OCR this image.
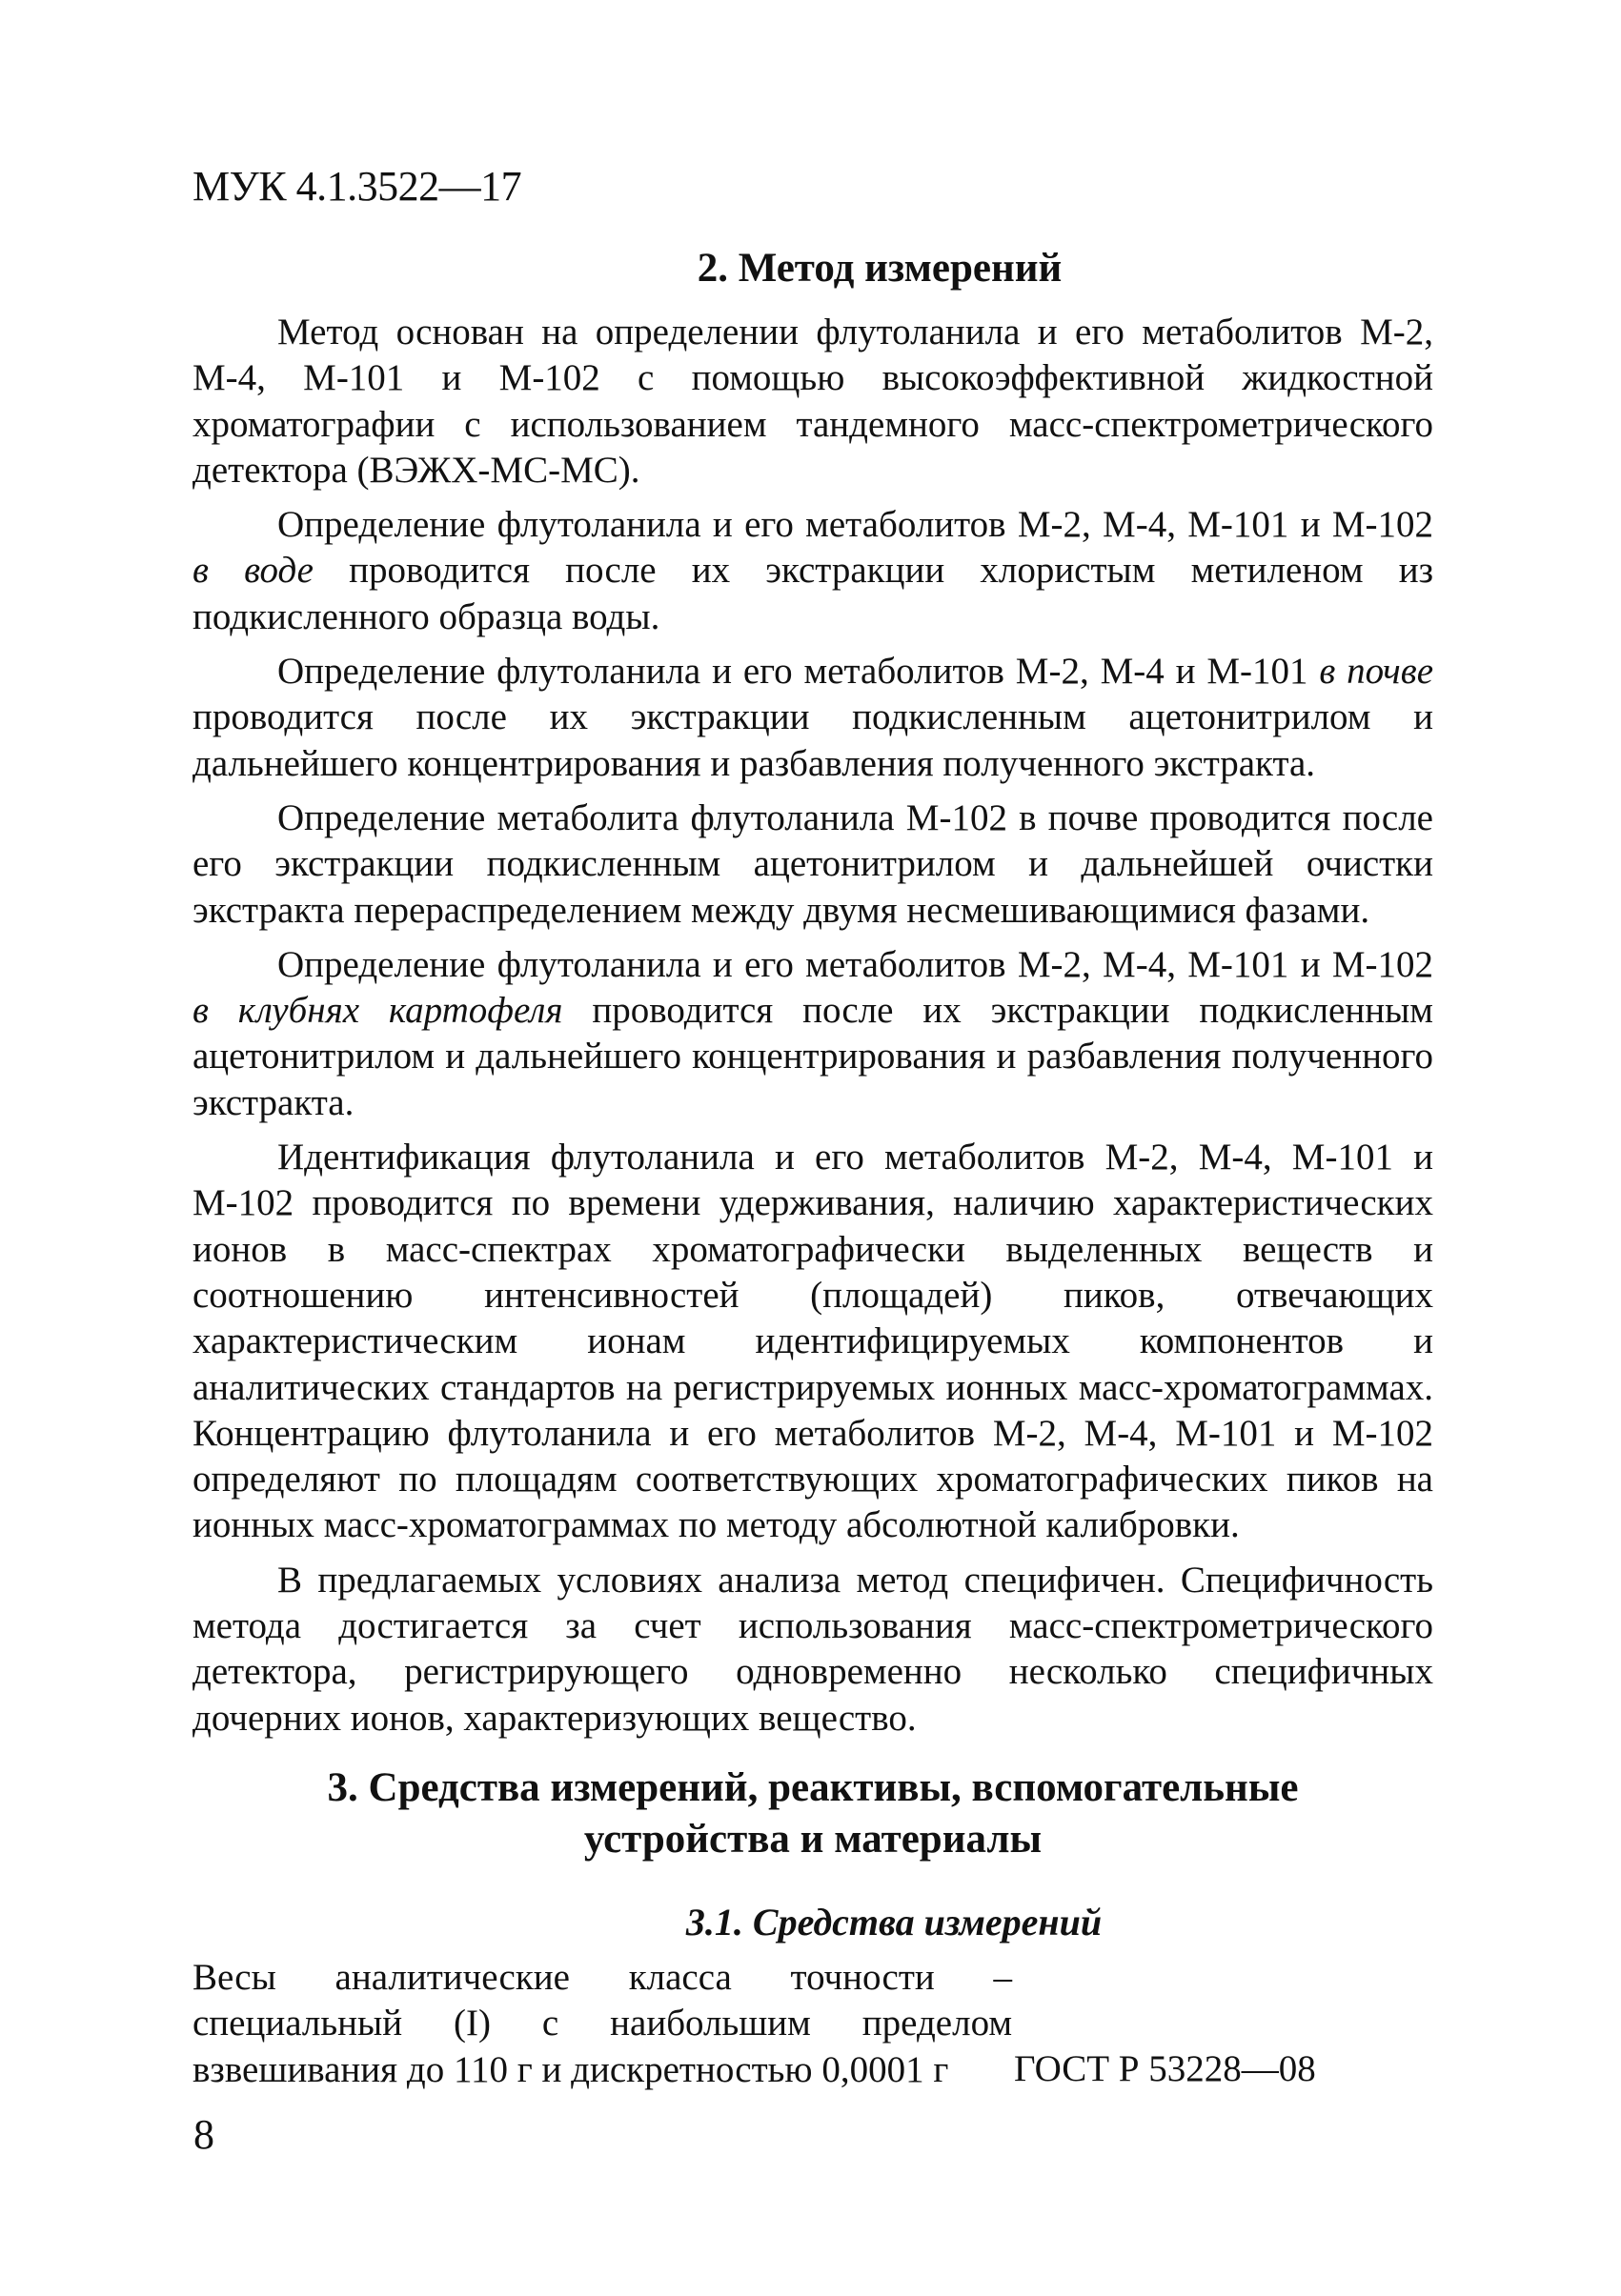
МУК 4.1.3522—17
2. Метод измерений

Метод основан на определении флутоланила и его метаболитов М-2, М-4, М-101 и М-102 с помощью высокоэффективной жидкостной хроматографии с использованием тандемного масс-спектрометрического детектора (ВЭЖХ-МС-МС).

Определение флутоланила и его метаболитов М-2, М-4, М-101 и М-102 в воде проводится после их экстракции хлористым метиленом из подкисленного образца воды.

Определение флутоланила и его метаболитов М-2, М-4 и М-101 в почве проводится после их экстракции подкисленным ацетонитрилом и дальнейшего концентрирования и разбавления полученного экстракта.

Определение метаболита флутоланила М-102 в почве проводится после его экстракции подкисленным ацетонитрилом и дальнейшей очистки экстракта перераспределением между двумя несмешивающимися фазами.

Определение флутоланила и его метаболитов М-2, М-4, М-101 и М-102 в клубнях картофеля проводится после их экстракции подкисленным ацетонитрилом и дальнейшего концентрирования и разбавления полученного экстракта.

Идентификация флутоланила и его метаболитов М-2, М-4, М-101 и М-102 проводится по времени удерживания, наличию характеристических ионов в масс-спектрах хроматографически выделенных веществ и соотношению интенсивностей (площадей) пиков, отвечающих характеристическим ионам идентифицируемых компонентов и аналитических стандартов на регистрируемых ионных масс-хроматограммах. Концентрацию флутоланила и его метаболитов М-2, М-4, М-101 и М-102 определяют по площадям соответствующих хроматографических пиков на ионных масс-хроматограммах по методу абсолютной калибровки.

В предлагаемых условиях анализа метод специфичен. Специфичность метода достигается за счет использования масс-спектрометрического детектора, регистрирующего одновременно несколько специфичных дочерних ионов, характеризующих вещество.

3. Средства измерений, реактивы, вспомогательные
устройства и материалы
3.1. Средства измерений
Весы аналитические класса точности – специальный (I) с наибольшим пределом взвешивания до 110 г и дискретностью 0,0001 г	ГОСТ Р 53228—08
8
